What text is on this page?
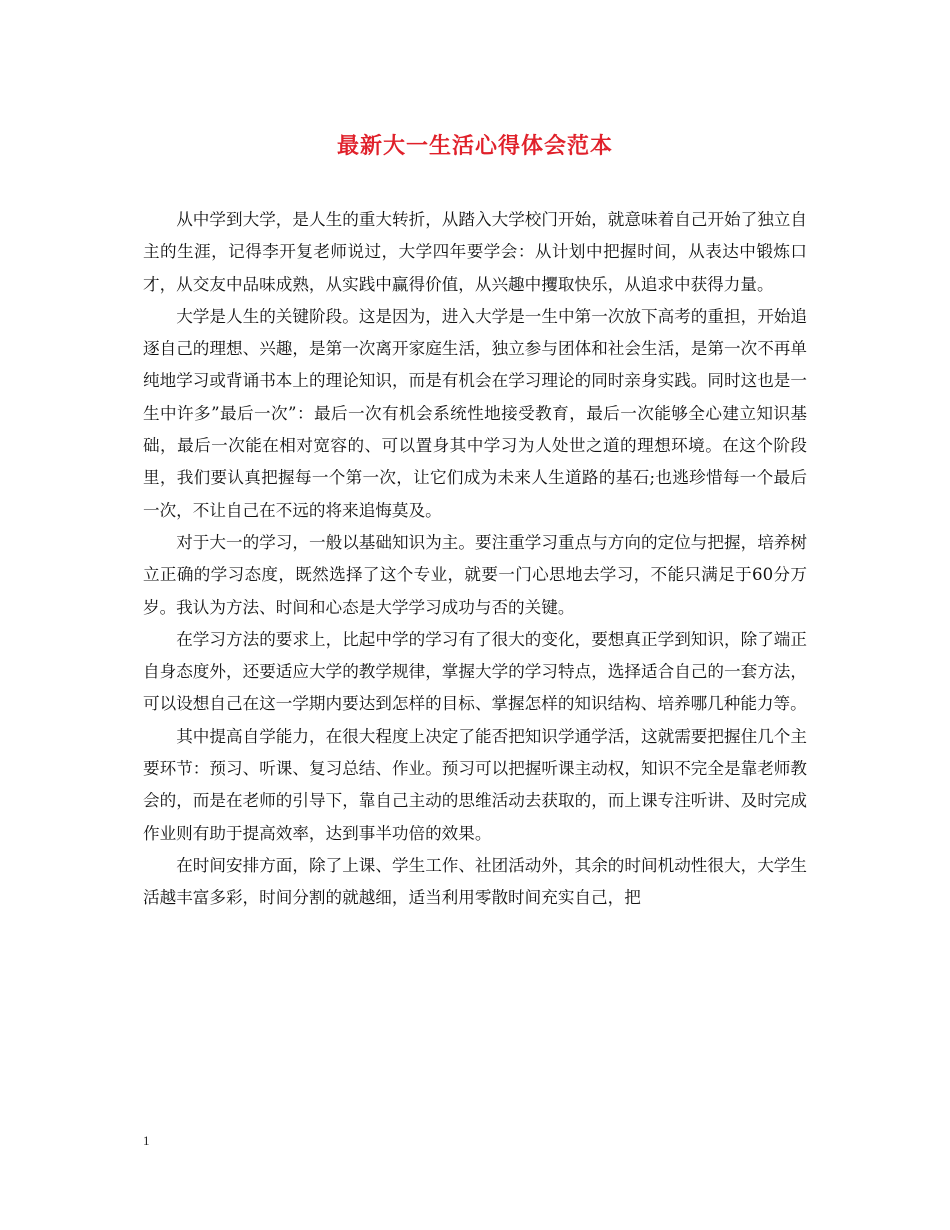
最新大一生活心得体会范本

从中学到大学，是人生的重大转折，从踏入大学校门开始，就意味着自己开始了独立自主的生涯，记得李开复老师说过，大学四年要学会：从计划中把握时间，从表达中锻炼口才，从交友中品味成熟，从实践中赢得价值，从兴趣中攫取快乐，从追求中获得力量。

大学是人生的关键阶段。这是因为，进入大学是一生中第一次放下高考的重担，开始追逐自己的理想、兴趣，是第一次离开家庭生活，独立参与团体和社会生活，是第一次不再单纯地学习或背诵书本上的理论知识，而是有机会在学习理论的同时亲身实践。同时这也是一生中许多”最后一次”：最后一次有机会系统性地接受教育，最后一次能够全心建立知识基础，最后一次能在相对宽容的、可以置身其中学习为人处世之道的理想环境。在这个阶段里，我们要认真把握每一个第一次，让它们成为未来人生道路的基石;也逃珍惜每一个最后一次，不让自己在不远的将来追悔莫及。

对于大一的学习，一般以基础知识为主。要注重学习重点与方向的定位与把握，培养树立正确的学习态度，既然选择了这个专业，就要一门心思地去学习，不能只满足于60分万岁。我认为方法、时间和心态是大学学习成功与否的关键。

在学习方法的要求上，比起中学的学习有了很大的变化，要想真正学到知识，除了端正自身态度外，还要适应大学的教学规律，掌握大学的学习特点，选择适合自己的一套方法，可以设想自己在这一学期内要达到怎样的目标、掌握怎样的知识结构、培养哪几种能力等。

其中提高自学能力，在很大程度上决定了能否把知识学通学活，这就需要把握住几个主要环节：预习、听课、复习总结、作业。预习可以把握听课主动权，知识不完全是靠老师教会的，而是在老师的引导下，靠自己主动的思维活动去获取的，而上课专注听讲、及时完成作业则有助于提高效率，达到事半功倍的效果。

在时间安排方面，除了上课、学生工作、社团活动外，其余的时间机动性很大，大学生活越丰富多彩，时间分割的就越细，适当利用零散时间充实自己，把

1
